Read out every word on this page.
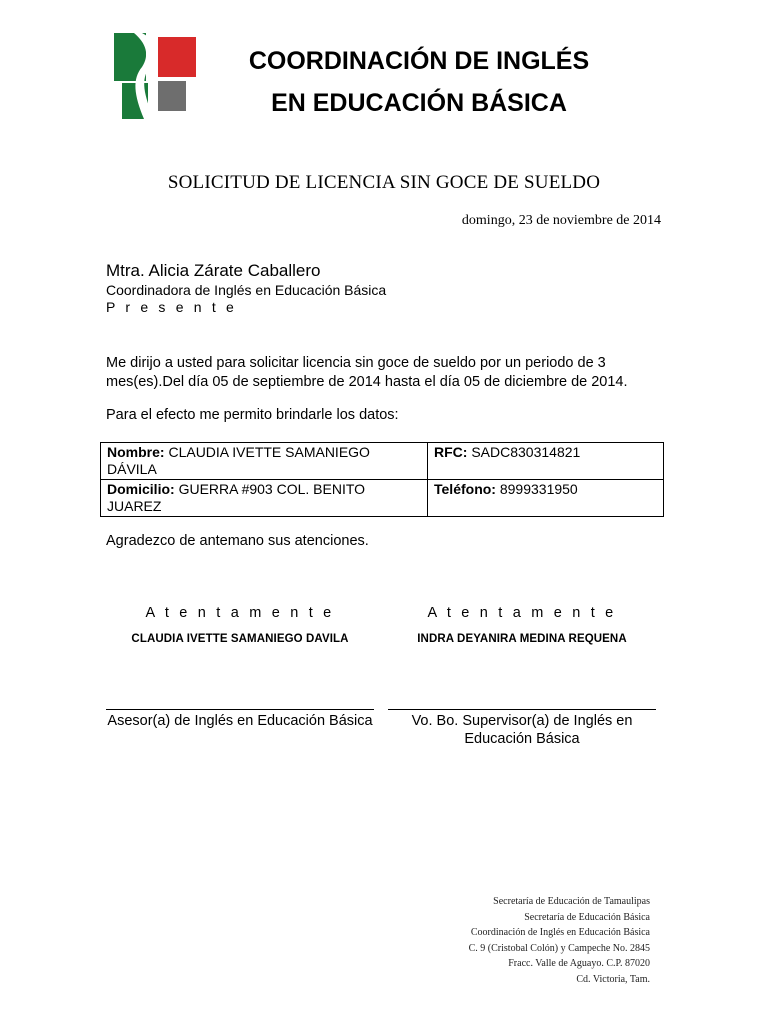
COORDINACIÓN DE INGLÉS
EN EDUCACIÓN BÁSICA
SOLICITUD DE LICENCIA SIN GOCE DE SUELDO
domingo, 23 de noviembre de 2014
Mtra. Alicia Zárate Caballero
Coordinadora de Inglés en Educación Básica
P r e s e n t e
Me dirijo a usted para solicitar licencia sin goce de sueldo por un periodo de 3 mes(es).Del día 05 de septiembre de 2014 hasta el día 05 de diciembre de 2014.
Para el efecto me permito brindarle los datos:
Nombre: CLAUDIA IVETTE SAMANIEGO DÁVILA	RFC: SADC830314821
Domicilio: GUERRA #903 COL. BENITO JUAREZ	Teléfono: 8999331950
Agradezco de antemano sus atenciones.
A t e n t a m e n t e	A t e n t a m e n t e
CLAUDIA IVETTE SAMANIEGO DAVILA	INDRA DEYANIRA MEDINA REQUENA
Asesor(a) de Inglés en Educación Básica	Vo. Bo. Supervisor(a) de Inglés en Educación Básica
Secretaría de Educación de Tamaulipas
Secretaría de Educación Básica
Coordinación de Inglés en Educación Básica
C. 9 (Cristobal Colón) y Campeche No. 2845
Fracc. Valle de Aguayo. C.P. 87020
Cd. Victoria, Tam.
